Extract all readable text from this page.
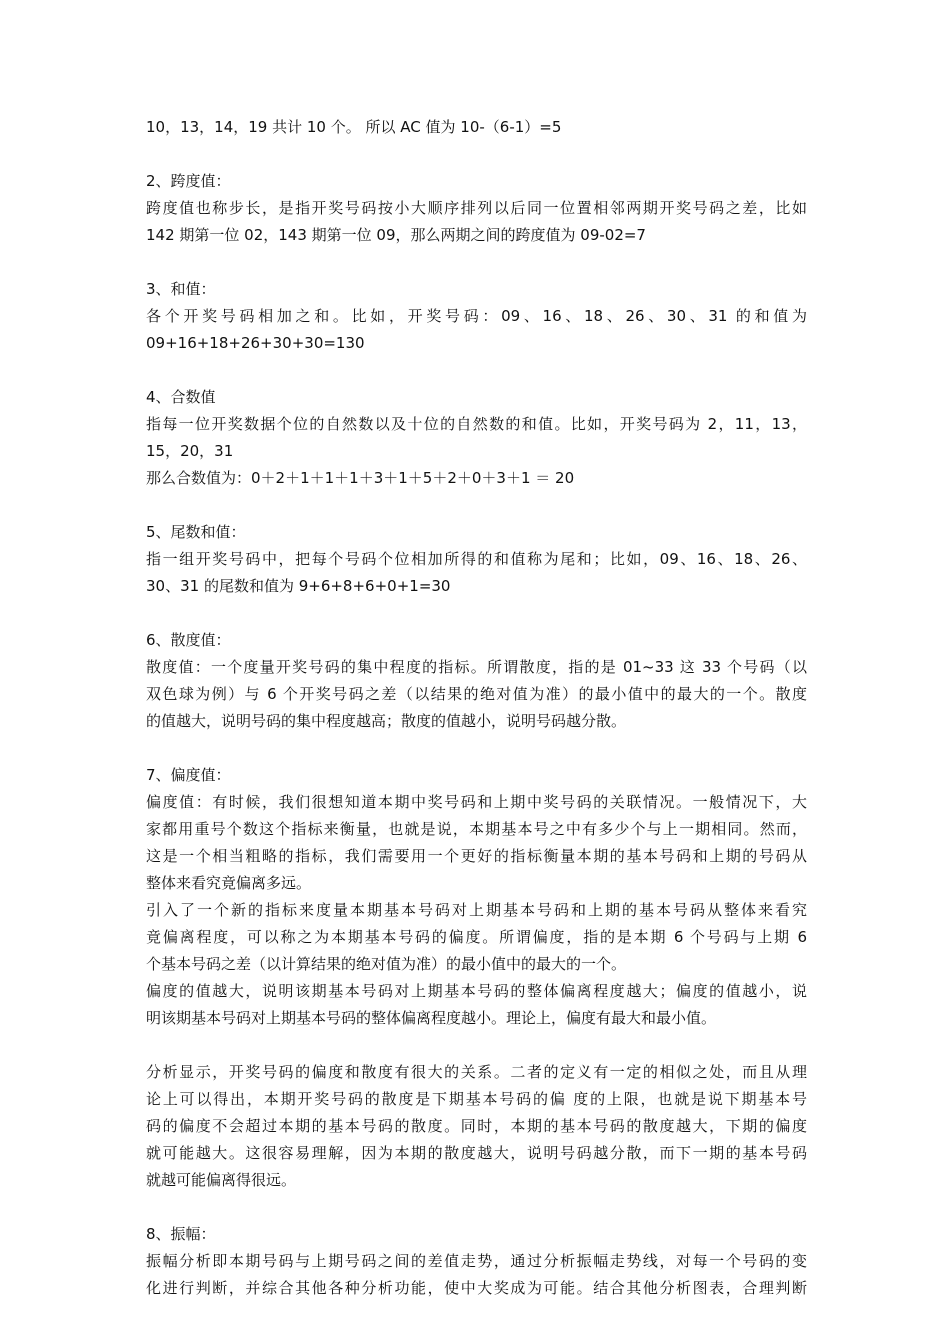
10，13，14，19 共计 10 个。 所以 AC 值为 10-（6-1）=5
2、跨度值：
跨度值也称步长，是指开奖号码按小大顺序排列以后同一位置相邻两期开奖号码之差，比如
142 期第一位 02，143 期第一位 09，那么两期之间的跨度值为 09-02=7
3、和值：
各个开奖号码相加之和。比如，开奖号码：09、16、18、26、30、31 的和值为
09+16+18+26+30+30=130
4、合数值
指每一位开奖数据个位的自然数以及十位的自然数的和值。比如，开奖号码为 2，11，13，
15，20，31
那么合数值为：0＋2＋1＋1＋1＋3＋1＋5＋2＋0＋3＋1 ＝ 20
5、尾数和值：
指一组开奖号码中，把每个号码个位相加所得的和值称为尾和；比如，09、16、18、26、
30、31 的尾数和值为 9+6+8+6+0+1=30
6、散度值：
散度值：一个度量开奖号码的集中程度的指标。所谓散度，指的是 01~33 这 33 个号码（以
双色球为例）与 6 个开奖号码之差（以结果的绝对值为准）的最小值中的最大的一个。散度
的值越大，说明号码的集中程度越高；散度的值越小，说明号码越分散。
7、偏度值：
偏度值：有时候，我们很想知道本期中奖号码和上期中奖号码的关联情况。一般情况下，大
家都用重号个数这个指标来衡量，也就是说，本期基本号之中有多少个与上一期相同。然而，
这是一个相当粗略的指标，我们需要用一个更好的指标衡量本期的基本号码和上期的号码从
整体来看究竟偏离多远。
引入了一个新的指标来度量本期基本号码对上期基本号码和上期的基本号码从整体来看究
竟偏离程度，可以称之为本期基本号码的偏度。所谓偏度，指的是本期 6 个号码与上期 6
个基本号码之差（以计算结果的绝对值为准）的最小值中的最大的一个。
偏度的值越大，说明该期基本号码对上期基本号码的整体偏离程度越大；偏度的值越小，说
明该期基本号码对上期基本号码的整体偏离程度越小。理论上，偏度有最大和最小值。
分析显示，开奖号码的偏度和散度有很大的关系。二者的定义有一定的相似之处，而且从理
论上可以得出，本期开奖号码的散度是下期基本号码的偏 度的上限，也就是说下期基本号
码的偏度不会超过本期的基本号码的散度。同时，本期的基本号码的散度越大，下期的偏度
就可能越大。这很容易理解，因为本期的散度越大，说明号码越分散，而下一期的基本号码
就越可能偏离得很远。
8、振幅：
振幅分析即本期号码与上期号码之间的差值走势，通过分析振幅走势线，对每一个号码的变
化进行判断，并综合其他各种分析功能，使中大奖成为可能。结合其他分析图表，合理判断
